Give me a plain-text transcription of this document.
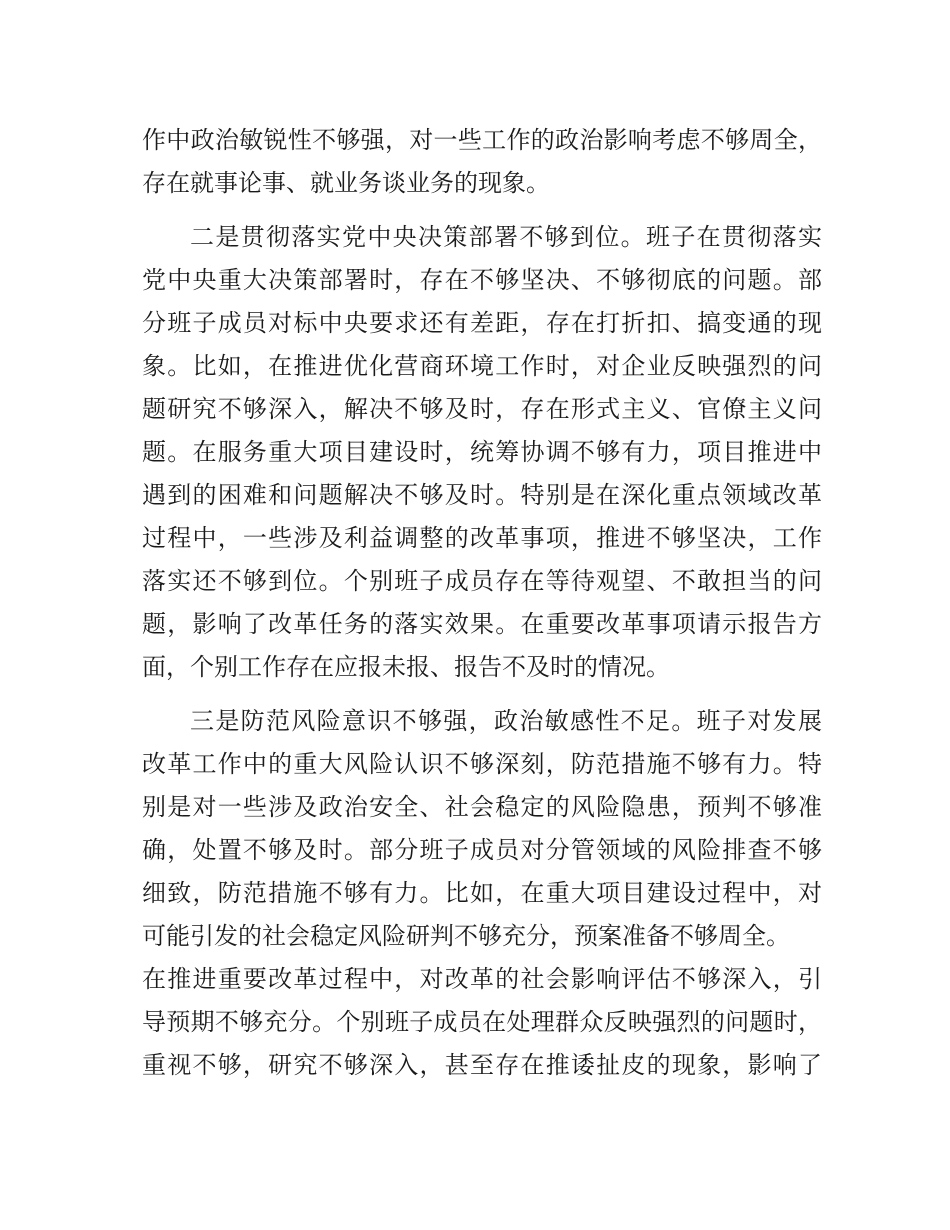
作中政治敏锐性不够强，对一些工作的政治影响考虑不够周全，
存在就事论事、就业务谈业务的现象。
二是贯彻落实党中央决策部署不够到位。班子在贯彻落实
党中央重大决策部署时，存在不够坚决、不够彻底的问题。部
分班子成员对标中央要求还有差距，存在打折扣、搞变通的现
象。比如，在推进优化营商环境工作时，对企业反映强烈的问
题研究不够深入，解决不够及时，存在形式主义、官僚主义问
题。在服务重大项目建设时，统筹协调不够有力，项目推进中
遇到的困难和问题解决不够及时。特别是在深化重点领域改革
过程中，一些涉及利益调整的改革事项，推进不够坚决，工作
落实还不够到位。个别班子成员存在等待观望、不敢担当的问
题，影响了改革任务的落实效果。在重要改革事项请示报告方
面，个别工作存在应报未报、报告不及时的情况。
三是防范风险意识不够强，政治敏感性不足。班子对发展
改革工作中的重大风险认识不够深刻，防范措施不够有力。特
别是对一些涉及政治安全、社会稳定的风险隐患，预判不够准
确，处置不够及时。部分班子成员对分管领域的风险排查不够
细致，防范措施不够有力。比如，在重大项目建设过程中，对
可能引发的社会稳定风险研判不够充分，预案准备不够周全。
在推进重要改革过程中，对改革的社会影响评估不够深入，引
导预期不够充分。个别班子成员在处理群众反映强烈的问题时，
重视不够，研究不够深入，甚至存在推诿扯皮的现象，影响了
